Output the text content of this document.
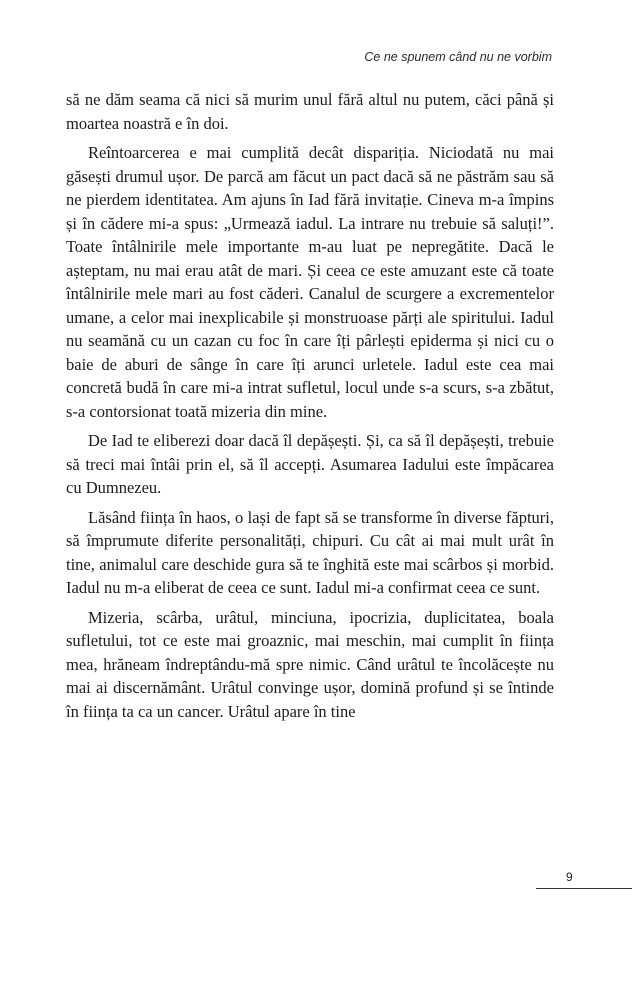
Ce ne spunem când nu ne vorbim

să ne dăm seama că nici să murim unul fără altul nu putem, căci până și moartea noastră e în doi.

Reîntoarcerea e mai cumplită decât dispariția. Niciodată nu mai găsești drumul ușor. De parcă am făcut un pact dacă să ne păstrăm sau să ne pierdem identitatea. Am ajuns în Iad fără invitație. Cineva m-a împins și în cădere mi-a spus: „Urmează iadul. La intrare nu trebuie să saluți!”. Toate întâlnirile mele importante m-au luat pe nepregătite. Dacă le așteptam, nu mai erau atât de mari. Și ceea ce este amuzant este că toate întâlnirile mele mari au fost căderi. Canalul de scurgere a excrementelor umane, a celor mai inexplicabile și monstruoase părți ale spiritului. Iadul nu seamănă cu un cazan cu foc în care îți pârlești epiderma și nici cu o baie de aburi de sânge în care îți arunci urletele. Iadul este cea mai concretă budă în care mi-a intrat sufletul, locul unde s-a scurs, s-a zbătut, s-a contorsionat toată mizeria din mine.

De Iad te eliberezi doar dacă îl depășești. Și, ca să îl depășești, trebuie să treci mai întâi prin el, să îl accepți. Asumarea Iadului este împăcarea cu Dumnezeu.

Lăsând ființa în haos, o lași de fapt să se transforme în diverse făpturi, să împrumute diferite personalități, chipuri. Cu cât ai mai mult urât în tine, animalul care deschide gura să te înghită este mai scârbos și morbid. Iadul nu m-a eliberat de ceea ce sunt. Iadul mi-a confirmat ceea ce sunt.

Mizeria, scârba, urâtul, minciuna, ipocrizia, duplicitatea, boala sufletului, tot ce este mai groaznic, mai meschin, mai cumplit în ființa mea, hrăneam îndreptându-mă spre nimic. Când urâtul te încolăcește nu mai ai discernământ. Urâtul convinge ușor, domină profund și se întinde în ființa ta ca un cancer. Urâtul apare în tine

9
